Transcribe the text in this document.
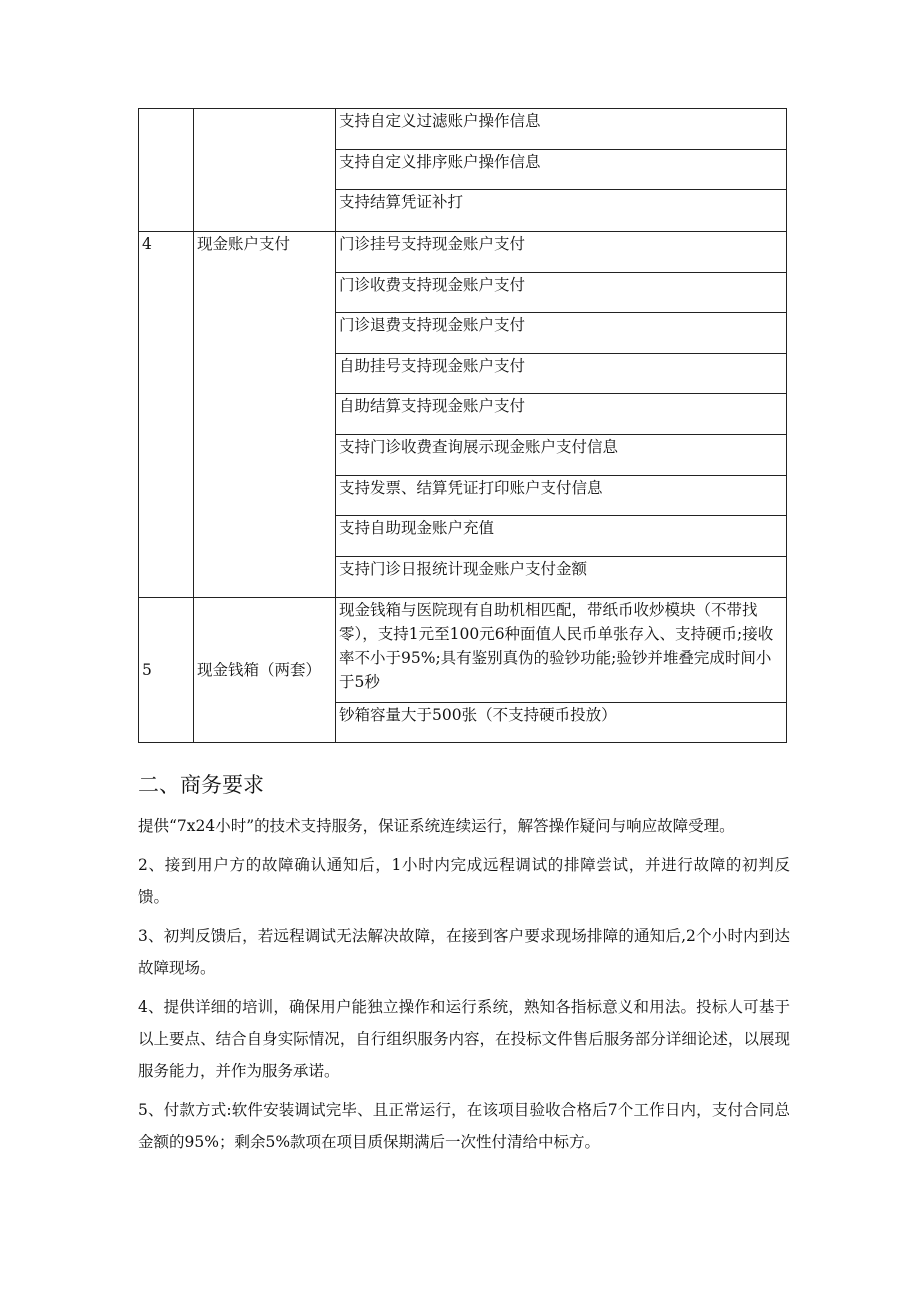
		支持自定义过滤账户操作信息
		支持自定义排序账户操作信息
		支持结算凭证补打
4	现金账户支付	门诊挂号支持现金账户支付
		门诊收费支持现金账户支付
		门诊退费支持现金账户支付
		自助挂号支持现金账户支付
		自助结算支持现金账户支付
		支持门诊收费查询展示现金账户支付信息
		支持发票、结算凭证打印账户支付信息
		支持自助现金账户充值
		支持门诊日报统计现金账户支付金额
5	现金钱箱（两套）	现金钱箱与医院现有自助机相匹配，带纸币收炒模块（不带找零），支持1元至100元6种面值人民币单张存入、支持硬币;接收率不小于95%;具有鉴别真伪的验钞功能;验钞并堆叠完成时间小于5秒
		钞箱容量大于500张（不支持硬币投放）
二、商务要求

提供“7x24小时”的技术支持服务，保证系统连续运行，解答操作疑问与响应故障受理。

2、接到用户方的故障确认通知后，1小时内完成远程调试的排障尝试，并进行故障的初判反馈。

3、初判反馈后，若远程调试无法解决故障，在接到客户要求现场排障的通知后,2个小时内到达故障现场。

4、提供详细的培训，确保用户能独立操作和运行系统，熟知各指标意义和用法。投标人可基于以上要点、结合自身实际情况，自行组织服务内容，在投标文件售后服务部分详细论述，以展现服务能力，并作为服务承诺。

5、付款方式:软件安装调试完毕、且正常运行，在该项目验收合格后7个工作日内，支付合同总金额的95%；剩余5%款项在项目质保期满后一次性付清给中标方。
